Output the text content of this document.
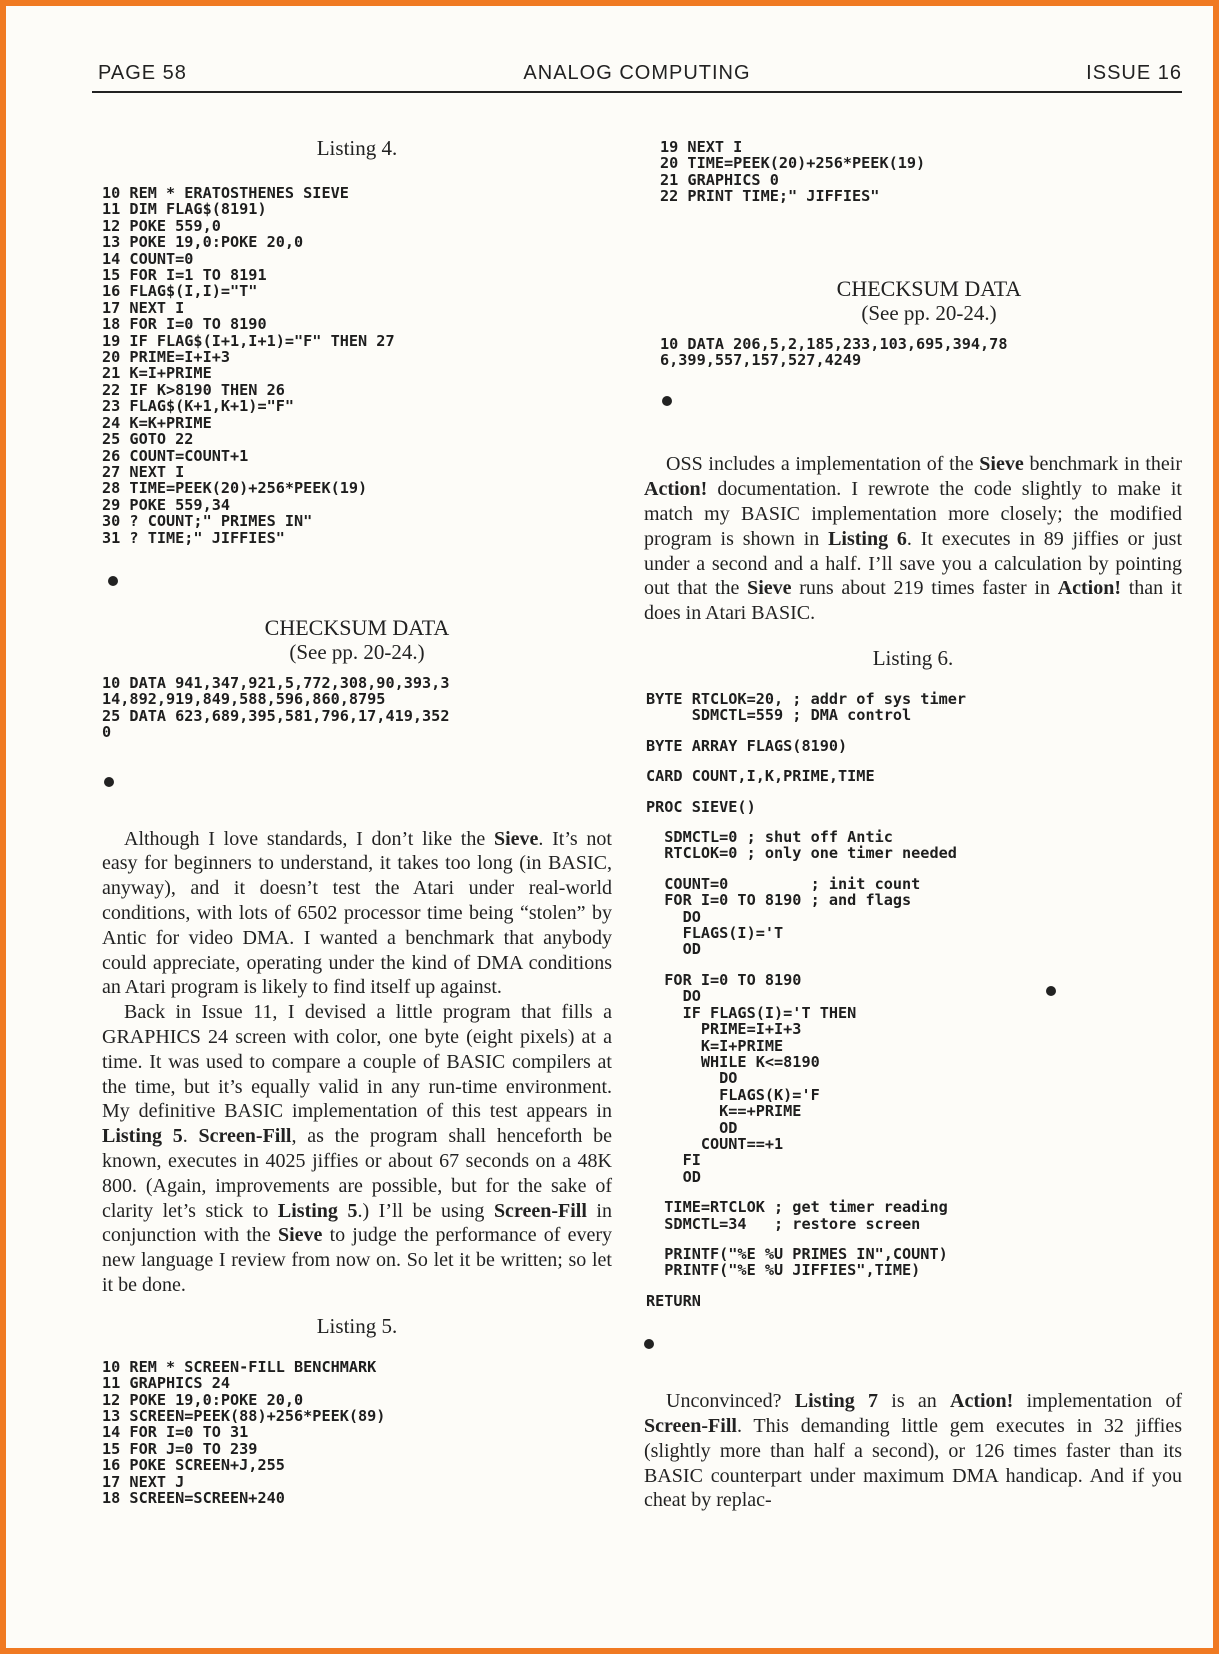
PAGE 58	ANALOG COMPUTING	ISSUE 16
Listing 4.
10 REM * ERATOSTHENES SIEVE
11 DIM FLAG$(8191)
12 POKE 559,0
13 POKE 19,0:POKE 20,0
14 COUNT=0
15 FOR I=1 TO 8191
16 FLAG$(I,I)="T"
17 NEXT I
18 FOR I=0 TO 8190
19 IF FLAG$(I+1,I+1)="F" THEN 27
20 PRIME=I+I+3
21 K=I+PRIME
22 IF K>8190 THEN 26
23 FLAG$(K+1,K+1)="F"
24 K=K+PRIME
25 GOTO 22
26 COUNT=COUNT+1
27 NEXT I
28 TIME=PEEK(20)+256*PEEK(19)
29 POKE 559,34
30 ? COUNT;" PRIMES IN"
31 ? TIME;" JIFFIES"
CHECKSUM DATA
(See pp. 20-24.)
10 DATA 941,347,921,5,772,308,90,393,3
14,892,919,849,588,596,860,8795
25 DATA 623,689,395,581,796,17,419,352
0

Although I love standards, I don’t like the Sieve. It’s not easy for beginners to understand, it takes too long (in BASIC, anyway), and it doesn’t test the Atari under real-world conditions, with lots of 6502 processor time being “stolen” by Antic for video DMA. I wanted a benchmark that anybody could appreciate, operating under the kind of DMA conditions an Atari program is likely to find itself up against.

Back in Issue 11, I devised a little program that fills a GRAPHICS 24 screen with color, one byte (eight pixels) at a time. It was used to compare a couple of BASIC compilers at the time, but it’s equally valid in any run-time environment. My definitive BASIC implementation of this test appears in Listing 5. Screen-Fill, as the program shall henceforth be known, executes in 4025 jiffies or about 67 seconds on a 48K 800. (Again, improvements are possible, but for the sake of clarity let’s stick to Listing 5.) I’ll be using Screen-Fill in conjunction with the Sieve to judge the performance of every new language I review from now on. So let it be written; so let it be done.

Listing 5.
10 REM * SCREEN-FILL BENCHMARK
11 GRAPHICS 24
12 POKE 19,0:POKE 20,0
13 SCREEN=PEEK(88)+256*PEEK(89)
14 FOR I=0 TO 31
15 FOR J=0 TO 239
16 POKE SCREEN+J,255
17 NEXT J
18 SCREEN=SCREEN+240
19 NEXT I
20 TIME=PEEK(20)+256*PEEK(19)
21 GRAPHICS 0
22 PRINT TIME;" JIFFIES"
CHECKSUM DATA
(See pp. 20-24.)
10 DATA 206,5,2,185,233,103,695,394,78
6,399,557,157,527,4249

OSS includes a implementation of the Sieve benchmark in their Action! documentation. I rewrote the code slightly to make it match my BASIC implementation more closely; the modified program is shown in Listing 6. It executes in 89 jiffies or just under a second and a half. I’ll save you a calculation by pointing out that the Sieve runs about 219 times faster in Action! than it does in Atari BASIC.

Listing 6.
BYTE RTCLOK=20, ; addr of sys timer
SDMCTL=559 ; DMA control
BYTE ARRAY FLAGS(8190)
CARD COUNT,I,K,PRIME,TIME
PROC SIEVE()
SDMCTL=0 ; shut off Antic
RTCLOK=0 ; only one timer needed
COUNT=0         ; init count
FOR I=0 TO 8190 ; and flags
DO
FLAGS(I)='T
OD
FOR I=0 TO 8190
DO
IF FLAGS(I)='T THEN
PRIME=I+I+3
K=I+PRIME
WHILE K<=8190
DO
FLAGS(K)='F
K==+PRIME
OD
COUNT==+1
FI
OD
TIME=RTCLOK ; get timer reading
SDMCTL=34   ; restore screen
PRINTF("%E %U PRIMES IN",COUNT)
PRINTF("%E %U JIFFIES",TIME)
RETURN

Unconvinced? Listing 7 is an Action! implementation of Screen-Fill. This demanding little gem executes in 32 jiffies (slightly more than half a second), or 126 times faster than its BASIC counterpart under maximum DMA handicap. And if you cheat by replac-
